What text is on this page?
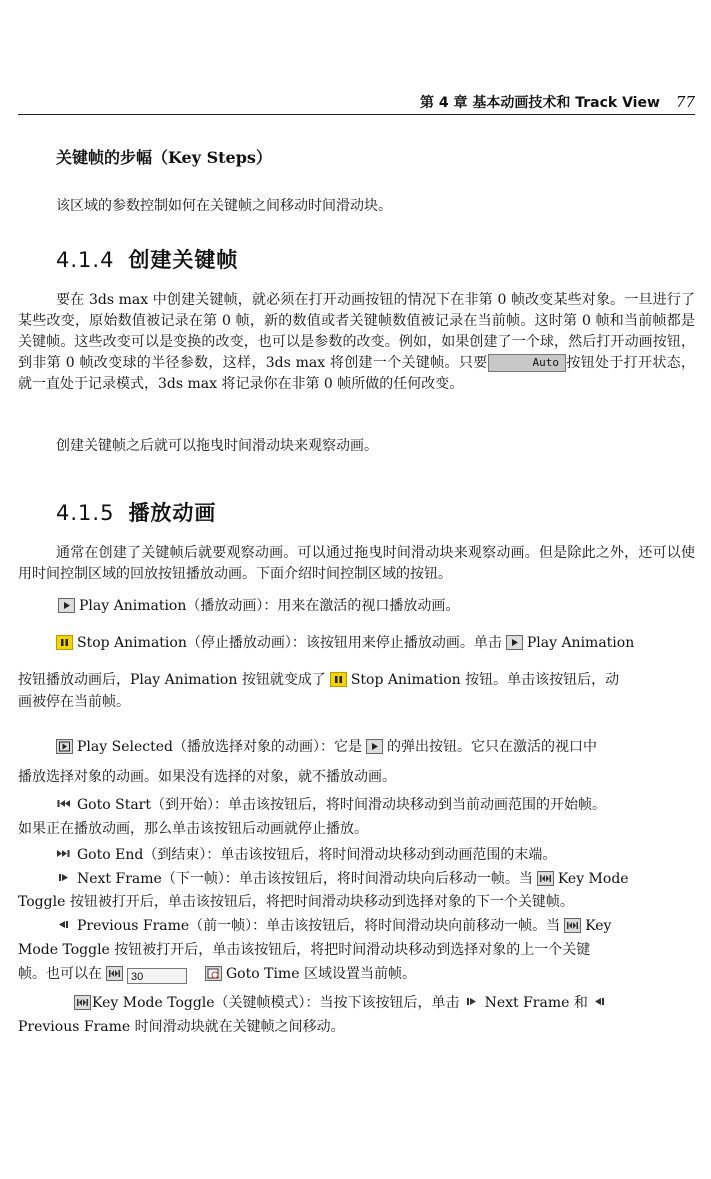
第 4 章 基本动画技术和 Track View 77
关键帧的步幅（Key Steps）
该区域的参数控制如何在关键帧之间移动时间滑动块。
4.1.4 创建关键帧
要在 3ds max 中创建关键帧，就必须在打开动画按钮的情况下在非第 0 帧改变某些对象。一旦进行了某些改变，原始数值被记录在第 0 帧，新的数值或者关键帧数值被记录在当前帧。这时第 0 帧和当前帧都是关键帧。这些改变可以是变换的改变，也可以是参数的改变。例如，如果创建了一个球，然后打开动画按钮，到非第 0 帧改变球的半径参数，这样，3ds max 将创建一个关键帧。只要	Auto 按钮处于打开状态，就一直处于记录模式，3ds max 将记录你在非第 0 帧所做的任何改变。
创建关键帧之后就可以拖曳时间滑动块来观察动画。
4.1.5 播放动画
通常在创建了关键帧后就要观察动画。可以通过拖曳时间滑动块来观察动画。但是除此之外，还可以使用时间控制区域的回放按钮播放动画。下面介绍时间控制区域的按钮。
Play Animation（播放动画）：用来在激活的视口播放动画。
Stop Animation（停止播放动画）：该按钮用来停止播放动画。单击 Play Animation
按钮播放动画后，Play Animation 按钮就变成了 Stop Animation 按钮。单击该按钮后，动
画被停在当前帧。
Play Selected（播放选择对象的动画）：它是 的弹出按钮。它只在激活的视口中
播放选择对象的动画。如果没有选择的对象，就不播放动画。
Goto Start（到开始）：单击该按钮后，将时间滑动块移动到当前动画范围的开始帧。
如果正在播放动画，那么单击该按钮后动画就停止播放。
Goto End（到结束）：单击该按钮后，将时间滑动块移动到动画范围的末端。
Next Frame（下一帧）：单击该按钮后，将时间滑动块向后移动一帧。当 Key Mode
Toggle 按钮被打开后，单击该按钮后，将把时间滑动块移动到选择对象的下一个关键帧。
Previous Frame（前一帧）：单击该按钮后，将时间滑动块向前移动一帧。当 Key
Mode Toggle 按钮被打开后，单击该按钮后，将把时间滑动块移动到选择对象的上一个关键
帧。也可以在	30	Goto Time 区域设置当前帧。
Key Mode Toggle（关键帧模式）：当按下该按钮后，单击 Next Frame 和
Previous Frame 时间滑动块就在关键帧之间移动。
